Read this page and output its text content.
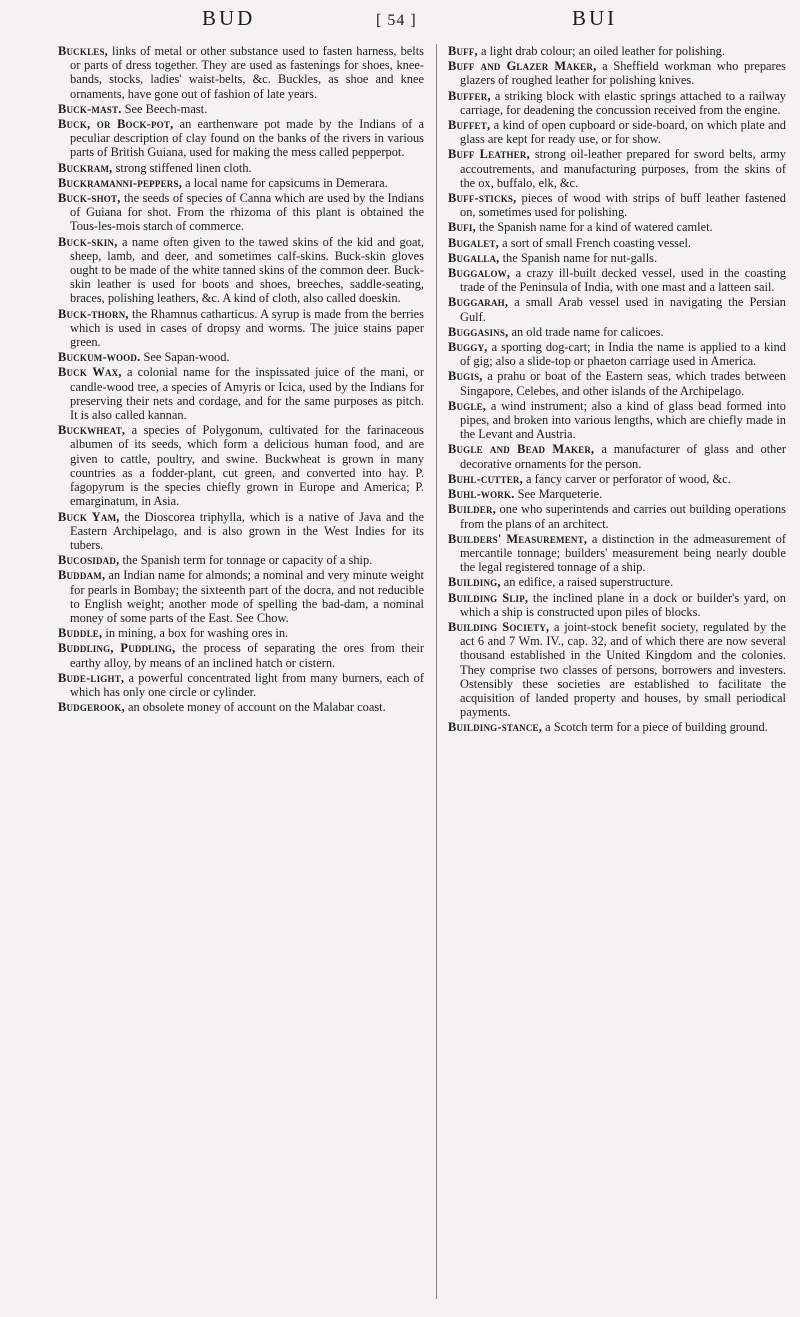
BUD	[ 54 ]	BUI

Buckles, links of metal or other substance used to fasten harness, belts or parts of dress together. They are used as fastenings for shoes, knee-bands, stocks, ladies' waist-belts, &c. Buckles, as shoe and knee ornaments, have gone out of fashion of late years.

Buck-mast. See Beech-mast.

Buck, or Bock-pot, an earthenware pot made by the Indians of a peculiar description of clay found on the banks of the rivers in various parts of British Guiana, used for making the mess called pepperpot.

Buckram, strong stiffened linen cloth.

Buckramanni-peppers, a local name for capsicums in Demerara.

Buck-shot, the seeds of species of Canna which are used by the Indians of Guiana for shot. From the rhizoma of this plant is obtained the Tous-les-mois starch of commerce.

Buck-skin, a name often given to the tawed skins of the kid and goat, sheep, lamb, and deer, and sometimes calf-skins. Buck-skin gloves ought to be made of the white tanned skins of the common deer. Buck-skin leather is used for boots and shoes, breeches, saddle-seating, braces, polishing leathers, &c. A kind of cloth, also called doeskin.

Buck-thorn, the Rhamnus catharticus. A syrup is made from the berries which is used in cases of dropsy and worms. The juice stains paper green.

Buckum-wood. See Sapan-wood.

Buck Wax, a colonial name for the inspissated juice of the mani, or candle-wood tree, a species of Amyris or Icica, used by the Indians for preserving their nets and cordage, and for the same purposes as pitch. It is also called kannan.

Buckwheat, a species of Polygonum, cultivated for the farinaceous albumen of its seeds, which form a delicious human food, and are given to cattle, poultry, and swine. Buckwheat is grown in many countries as a fodder-plant, cut green, and converted into hay. P. fagopyrum is the species chiefly grown in Europe and America; P. emarginatum, in Asia.

Buck Yam, the Dioscorea triphylla, which is a native of Java and the Eastern Archipelago, and is also grown in the West Indies for its tubers.

Bucosidad, the Spanish term for tonnage or capacity of a ship.

Buddam, an Indian name for almonds; a nominal and very minute weight for pearls in Bombay; the sixteenth part of the docra, and not reducible to English weight; another mode of spelling the bad-dam, a nominal money of some parts of the East. See Chow.

Buddle, in mining, a box for washing ores in.

Buddling, Puddling, the process of separating the ores from their earthy alloy, by means of an inclined hatch or cistern.

Bude-light, a powerful concentrated light from many burners, each of which has only one circle or cylinder.

Budgerook, an obsolete money of account on the Malabar coast.

Buff, a light drab colour; an oiled leather for polishing.

Buff and Glazer Maker, a Sheffield workman who prepares glazers of roughed leather for polishing knives.

Buffer, a striking block with elastic springs attached to a railway carriage, for deadening the concussion received from the engine.

Buffet, a kind of open cupboard or side-board, on which plate and glass are kept for ready use, or for show.

Buff Leather, strong oil-leather prepared for sword belts, army accoutrements, and manufacturing purposes, from the skins of the ox, buffalo, elk, &c.

Buff-sticks, pieces of wood with strips of buff leather fastened on, sometimes used for polishing.

Bufi, the Spanish name for a kind of watered camlet.

Bugalet, a sort of small French coasting vessel.

Bugalla, the Spanish name for nut-galls.

Buggalow, a crazy ill-built decked vessel, used in the coasting trade of the Peninsula of India, with one mast and a latteen sail.

Buggarah, a small Arab vessel used in navigating the Persian Gulf.

Buggasins, an old trade name for calicoes.

Buggy, a sporting dog-cart; in India the name is applied to a kind of gig; also a slide-top or phaeton carriage used in America.

Bugis, a prahu or boat of the Eastern seas, which trades between Singapore, Celebes, and other islands of the Archipelago.

Bugle, a wind instrument; also a kind of glass bead formed into pipes, and broken into various lengths, which are chiefly made in the Levant and Austria.

Bugle and Bead Maker, a manufacturer of glass and other decorative ornaments for the person.

Buhl-cutter, a fancy carver or perforator of wood, &c.

Buhl-work. See Marqueterie.

Builder, one who superintends and carries out building operations from the plans of an architect.

Builders' Measurement, a distinction in the admeasurement of mercantile tonnage; builders' measurement being nearly double the legal registered tonnage of a ship.

Building, an edifice, a raised superstructure.

Building Slip, the inclined plane in a dock or builder's yard, on which a ship is constructed upon piles of blocks.

Building Society, a joint-stock benefit society, regulated by the act 6 and 7 Wm. IV., cap. 32, and of which there are now several thousand established in the United Kingdom and the colonies. They comprise two classes of persons, borrowers and investers. Ostensibly these societies are established to facilitate the acquisition of landed property and houses, by small periodical payments.

Building-stance, a Scotch term for a piece of building ground.
